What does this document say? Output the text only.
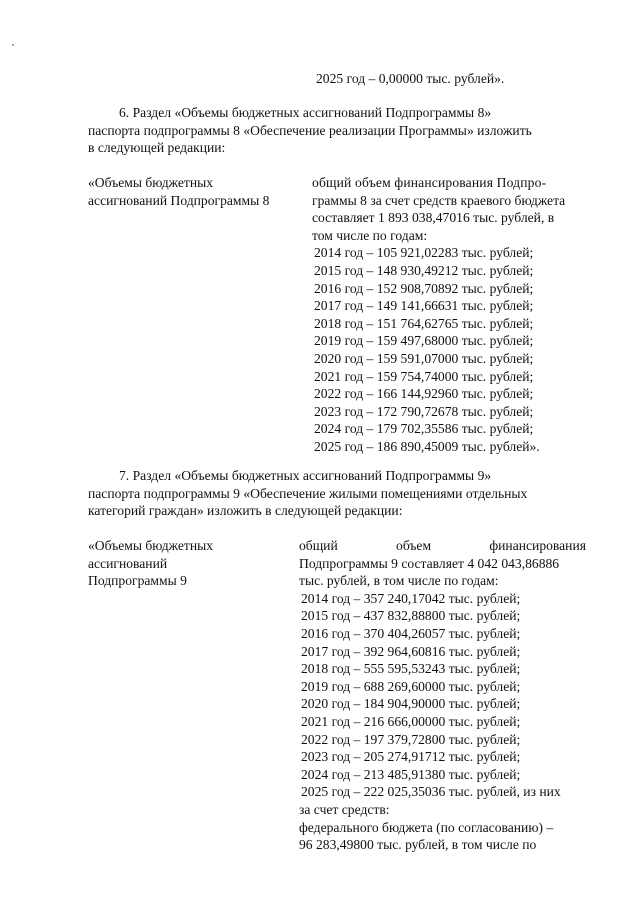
2025 год – 0,00000 тыс. рублей».
6. Раздел «Объемы бюджетных ассигнований Подпрограммы 8»
паспорта подпрограммы 8 «Обеспечение реализации Программы» изложить
в следующей редакции:
«Объемы бюджетных
ассигнований Подпрограммы 8
общий объем финансирования Подпро-
граммы 8 за счет средств краевого бюджета
составляет 1 893 038,47016 тыс. рублей, в
том числе по годам:
2014 год – 105 921,02283 тыс. рублей;
2015 год – 148 930,49212 тыс. рублей;
2016 год – 152 908,70892 тыс. рублей;
2017 год – 149 141,66631 тыс. рублей;
2018 год – 151 764,62765 тыс. рублей;
2019 год – 159 497,68000 тыс. рублей;
2020 год – 159 591,07000 тыс. рублей;
2021 год – 159 754,74000 тыс. рублей;
2022 год – 166 144,92960 тыс. рублей;
2023 год – 172 790,72678 тыс. рублей;
2024 год – 179 702,35586 тыс. рублей;
2025 год – 186 890,45009 тыс. рублей».
7. Раздел «Объемы бюджетных ассигнований Подпрограммы 9»
паспорта подпрограммы 9 «Обеспечение жилыми помещениями отдельных
категорий граждан» изложить в следующей редакции:
«Объемы бюджетных
ассигнований
Подпрограммы 9
общий	объем	финансирования
Подпрограммы 9 составляет 4 042 043,86886
тыс. рублей, в том числе по годам:
2014 год – 357 240,17042 тыс. рублей;
2015 год – 437 832,88800 тыс. рублей;
2016 год – 370 404,26057 тыс. рублей;
2017 год – 392 964,60816 тыс. рублей;
2018 год – 555 595,53243 тыс. рублей;
2019 год – 688 269,60000 тыс. рублей;
2020 год – 184 904,90000 тыс. рублей;
2021 год – 216 666,00000 тыс. рублей;
2022 год – 197 379,72800 тыс. рублей;
2023 год – 205 274,91712 тыс. рублей;
2024 год – 213 485,91380 тыс. рублей;
2025 год – 222 025,35036 тыс. рублей, из них
за счет средств:
федерального бюджета (по согласованию) –
96 283,49800 тыс. рублей, в том числе по
